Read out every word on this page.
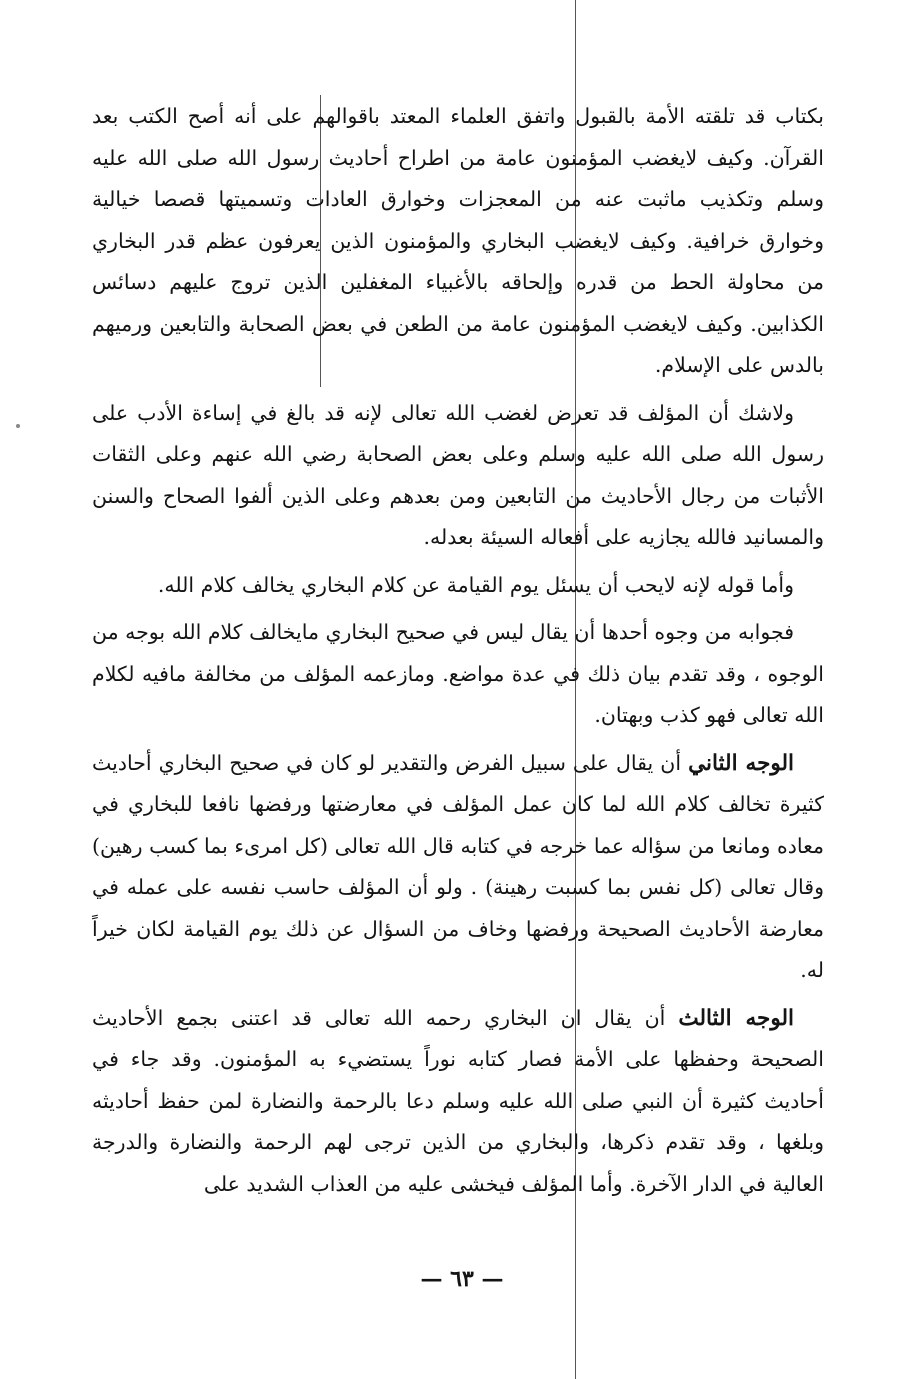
بكتاب قد تلقته الأمة بالقبول واتفق العلماء المعتد باقوالهم على أنه أصح الكتب بعد القرآن. وكيف لايغضب المؤمنون عامة من اطراح أحاديث رسول الله صلى الله عليه وسلم وتكذيب ماثبت عنه من المعجزات وخوارق العادات وتسميتها قصصا خيالية وخوارق خرافية. وكيف لايغضب البخاري والمؤمنون الذين يعرفون عظم قدر البخاري من محاولة الحط من قدره وإلحاقه بالأغبياء المغفلين الذين تروج عليهم دسائس الكذابين. وكيف لايغضب المؤمنون عامة من الطعن في بعض الصحابة والتابعين ورميهم بالدس على الإسلام.

ولاشك أن المؤلف قد تعرض لغضب الله تعالى لإنه قد بالغ في إساءة الأدب على رسول الله صلى الله عليه وسلم وعلى بعض الصحابة رضي الله عنهم وعلى الثقات الأثبات من رجال الأحاديث من التابعين ومن بعدهم وعلى الذين ألفوا الصحاح والسنن والمسانيد فالله يجازيه على أفعاله السيئة بعدله.

وأما قوله لإنه لايحب أن يسئل يوم القيامة عن كلام البخاري يخالف كلام الله.

فجوابه من وجوه أحدها أن يقال ليس في صحيح البخاري مايخالف كلام الله بوجه من الوجوه ، وقد تقدم بيان ذلك في عدة مواضع. ومازعمه المؤلف من مخالفة مافيه لكلام الله تعالى فهو كذب وبهتان.

الوجه الثاني أن يقال على سبيل الفرض والتقدير لو كان في صحيح البخاري أحاديث كثيرة تخالف كلام الله لما كان عمل المؤلف في معارضتها ورفضها نافعا للبخاري في معاده ومانعا من سؤاله عما خرجه في كتابه قال الله تعالى (كل امرىء بما كسب رهين) وقال تعالى (كل نفس بما كسبت رهينة) . ولو أن المؤلف حاسب نفسه على عمله في معارضة الأحاديث الصحيحة ورفضها وخاف من السؤال عن ذلك يوم القيامة لكان خيراً له.

الوجه الثالث أن يقال ان البخاري رحمه الله تعالى قد اعتنى بجمع الأحاديث الصحيحة وحفظها على الأمة فصار كتابه نوراً يستضيء به المؤمنون. وقد جاء في أحاديث كثيرة أن النبي صلى الله عليه وسلم دعا بالرحمة والنضارة لمن حفظ أحاديثه وبلغها ، وقد تقدم ذكرها، والبخاري من الذين ترجى لهم الرحمة والنضارة والدرجة العالية في الدار الآخرة. وأما المؤلف فيخشى عليه من العذاب الشديد على

— ٦٣ —
